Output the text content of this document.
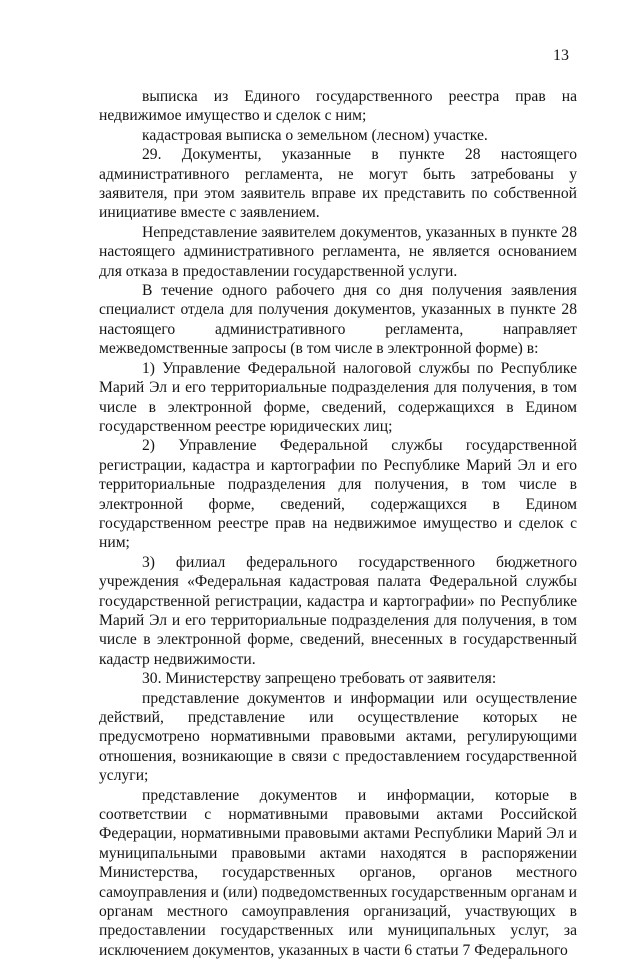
13

выписка из Единого государственного реестра прав на недвижимое имущество и сделок с ним;

кадастровая выписка о земельном (лесном) участке.

29. Документы, указанные в пункте 28 настоящего административного регламента, не могут быть затребованы у заявителя, при этом заявитель вправе их представить по собственной инициативе вместе с заявлением.

Непредставление заявителем документов, указанных в пункте 28 настоящего административного регламента, не является основанием для отказа в предоставлении государственной услуги.

В течение одного рабочего дня со дня получения заявления специалист отдела для получения документов, указанных в пункте 28 настоящего административного регламента, направляет межведомственные запросы (в том числе в электронной форме) в:

1) Управление Федеральной налоговой службы по Республике Марий Эл и его территориальные подразделения для получения, в том числе в электронной форме, сведений, содержащихся в Едином государственном реестре юридических лиц;

2) Управление Федеральной службы государственной регистрации, кадастра и картографии по Республике Марий Эл и его территориальные подразделения для получения, в том числе в электронной форме, сведений, содержащихся в Едином государственном реестре прав на недвижимое имущество и сделок с ним;

3) филиал федерального государственного бюджетного учреждения «Федеральная кадастровая палата Федеральной службы государственной регистрации, кадастра и картографии» по Республике Марий Эл и его территориальные подразделения для получения, в том числе в электронной форме, сведений, внесенных в государственный кадастр недвижимости.

30. Министерству запрещено требовать от заявителя:

представление документов и информации или осуществление действий, представление или осуществление которых не предусмотрено нормативными правовыми актами, регулирующими отношения, возникающие в связи с предоставлением государственной услуги;

представление документов и информации, которые в соответствии с нормативными правовыми актами Российской Федерации, нормативными правовыми актами Республики Марий Эл и муниципальными правовыми актами находятся в распоряжении Министерства, государственных органов, органов местного самоуправления и (или) подведомственных государственным органам и органам местного самоуправления организаций, участвующих в предоставлении государственных или муниципальных услуг, за исключением документов, указанных в части 6 статьи 7 Федерального
